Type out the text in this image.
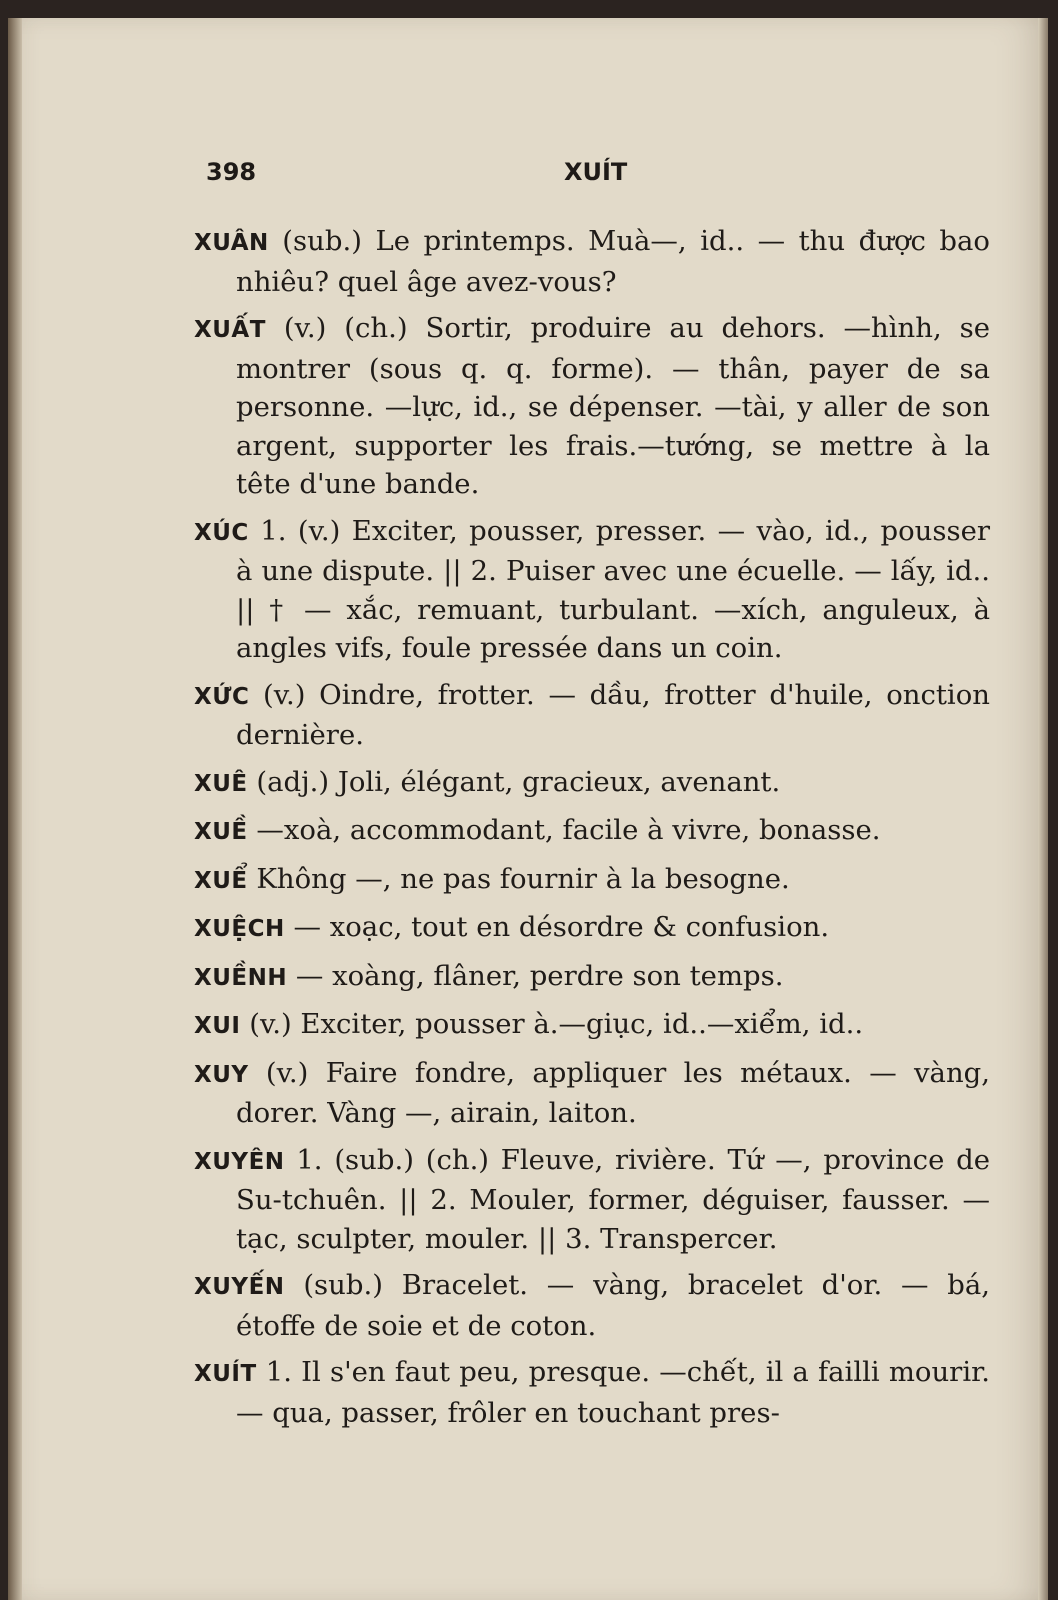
398	XUÍT

XUÂN (sub.) Le printemps. Muà—, id.. — thu được bao nhiêu? quel âge avez-vous?

XUẤT (v.) (ch.) Sortir, produire au dehors. —hình, se montrer (sous q. q. forme). — thân, payer de sa personne. —lực, id., se dépenser. —tài, y aller de son argent, supporter les frais.—tướng, se mettre à la tête d'une bande.

XÚC 1. (v.) Exciter, pousser, presser. — vào, id., pousser à une dispute. || 2. Puiser avec une écuelle. — lấy, id.. || † — xắc, remuant, turbulant. —xích, anguleux, à angles vifs, foule pressée dans un coin.

XỨC (v.) Oindre, frotter. — dầu, frotter d'huile, onction dernière.

XUÊ (adj.) Joli, élégant, gracieux, avenant.

XUỀ —xoà, accommodant, facile à vivre, bonasse.

XUỂ Không —, ne pas fournir à la besogne.

XUỆCH — xoạc, tout en désordre & confusion.

XUỀNH — xoàng, flâner, perdre son temps.

XUI (v.) Exciter, pousser à.—giục, id..—xiểm, id..

XUY (v.) Faire fondre, appliquer les métaux. — vàng, dorer. Vàng —, airain, laiton.

XUYÊN 1. (sub.) (ch.) Fleuve, rivière. Tứ —, province de Su-tchuên. || 2. Mouler, former, déguiser, fausser. — tạc, sculpter, mouler. || 3. Transpercer.

XUYẾN (sub.) Bracelet. — vàng, bracelet d'or. — bá, étoffe de soie et de coton.

XUÍT 1. Il s'en faut peu, presque. —chết, il a failli mourir. — qua, passer, frôler en touchant pres-
